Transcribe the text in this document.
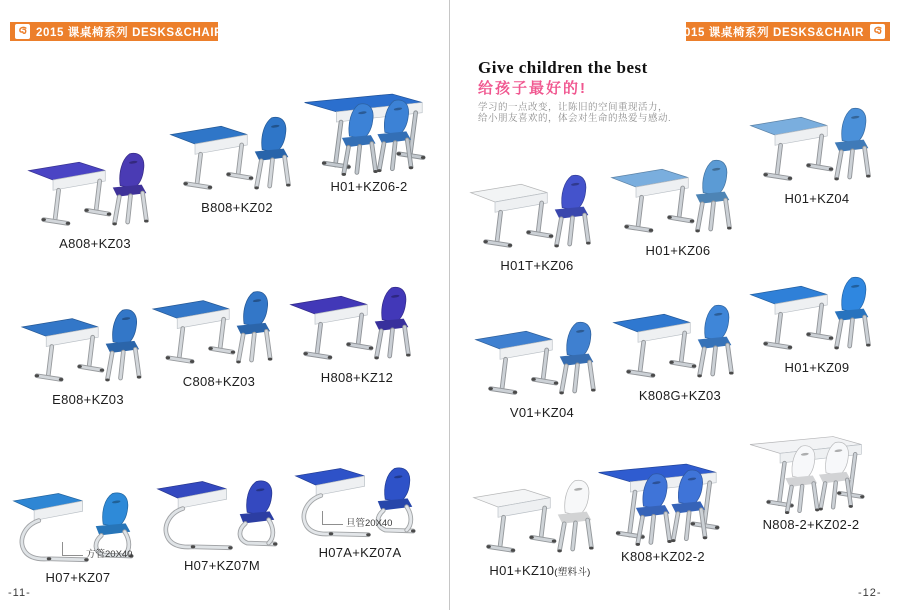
2015 课桌椅系列 DESKS&CHAIR	2015 课桌椅系列 DESKS&CHAIR
Give children the best
给孩子最好的!
学习的一点改变，让陈旧的空间重现活力，
给小朋友喜欢的，体会对生命的热爱与感动.
A808+KZ03
B808+KZ02
H01+KZ06-2
E808+KZ03
C808+KZ03	H808+KZ12
H07+KZ07
H07+KZ07M
H07A+KZ07A
方管20X40
旦管20X40
H01T+KZ06
H01+KZ06
H01+KZ04
V01+KZ04
K808G+KZ03
H01+KZ09
H01+KZ10(塑料斗)
K808+KZ02-2
N808-2+KZ02-2
-11-	-12-
